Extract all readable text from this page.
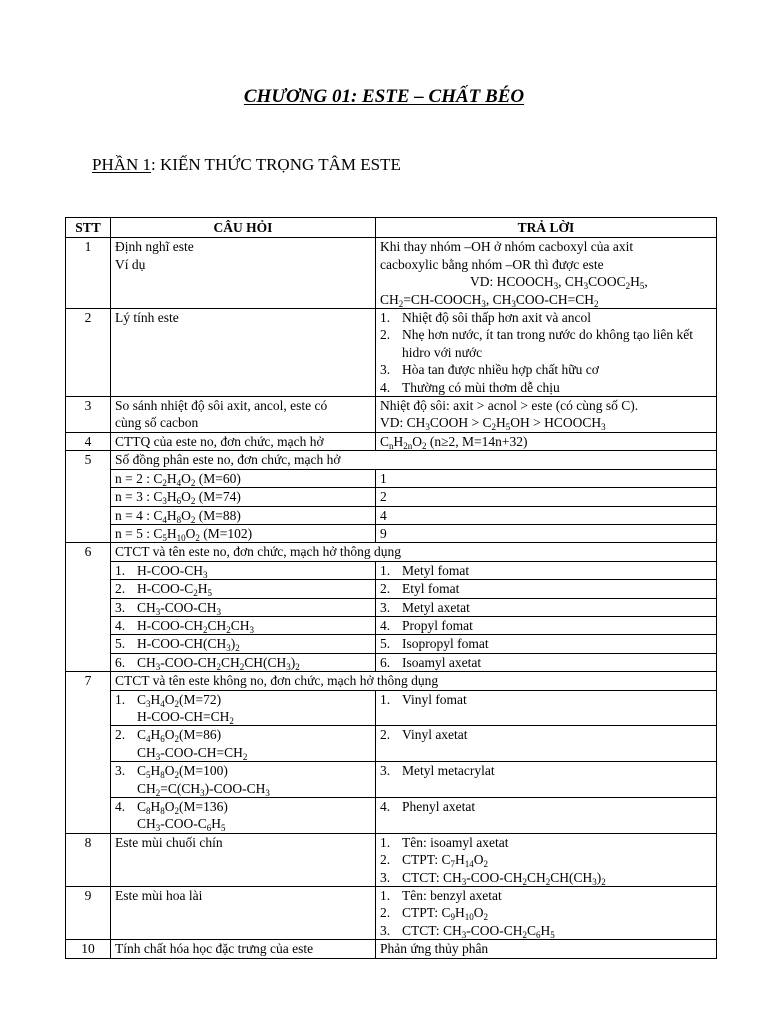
CHƯƠNG 01: ESTE – CHẤT BÉO
PHẦN 1: KIẾN THỨC TRỌNG TÂM ESTE
STT	CÂU HỎI	TRẢ LỜI
1	Định nghĩ este
Ví dụ	Khi thay nhóm –OH ở nhóm cacboxyl của axit
cacboxylic bằng nhóm –OR thì được este
VD: $HCOOCH_3$, $CH_3COOC_2H_5$,
$CH_2=CH-COOCH_3$, $CH_3COO-CH=CH_2$

2	Lý tính este	1. Nhiệt độ sôi thấp hơn axit và ancol
2. Nhẹ hơn nước, ít tan trong nước do không tạo liên kết hidro với nước
3. Hòa tan được nhiều hợp chất hữu cơ
4. Thường có mùi thơm dễ chịu

3	So sánh nhiệt độ sôi axit, ancol, este có
cùng số cacbon	Nhiệt độ sôi: axit > acnol > este (có cùng số C).
VD: $CH_3COOH > C_2H_5OH$ > $HCOOCH_3$

4	CTTQ của este no, đơn chức, mạch hở	$C_nH_{2n}O_2$ (n≥2, M=14n+32)
5	Số đồng phân este no, đơn chức, mạch hở	
	n = 2 : $C_2H_4O_2$ (M=60)	1
	n = 3 : $C_3H_6O_2$ (M=74)	2
	n = 4 : $C_4H_8O_2$ (M=88)	4
	n = 5 : $C_5H_{10}O_2$ (M=102)	9
6	CTCT và tên este no, đơn chức, mạch hở thông dụng	
	1. $H-COO-CH_3$	1. Metyl fomat
	2. $H-COO-C_2H_5$	2. Etyl fomat
	3. $CH_3-COO-CH_3$	3. Metyl axetat
	4. $H-COO-CH_2CH_2CH_3$	4. Propyl fomat
	5. $H-COO-CH(CH_3)_2$	5. Isopropyl fomat
	6. $CH_3-COO-CH_2CH_2CH(CH_3)_2$	6. Isoamyl axetat
7	CTCT và tên este không no, đơn chức, mạch hở thông dụng	

	1. $C_3H_4O_2(M=72)$
$H-COO-CH=CH_2$	1. Vinyl fomat

	2. $C_4H_6O_2(M=86)$
$CH_3-COO-CH=CH_2$	2. Vinyl axetat

	3. $C_5H_8O_2(M=100)$
$CH_2=C(CH_3)-COO-CH_3$	3. Metyl metacrylat

	4. $C_8H_8O_2(M=136)$
$CH_3-COO-C_6H_5$	4. Phenyl axetat
8	Este mùi chuối chín	1. Tên: isoamyl axetat
2. CTPT: $C_7H_{14}O_2$
3. CTCT: $CH_3-COO-CH_2CH_2CH(CH_3)_2$

9	Este mùi hoa lài	1. Tên: benzyl axetat
2. CTPT: $C_9H_{10}O_2$
3. CTCT: $CH_3-COO-CH_2C_6H_5$

10	Tính chất hóa học đặc trưng của este	Phản ứng thủy phân
